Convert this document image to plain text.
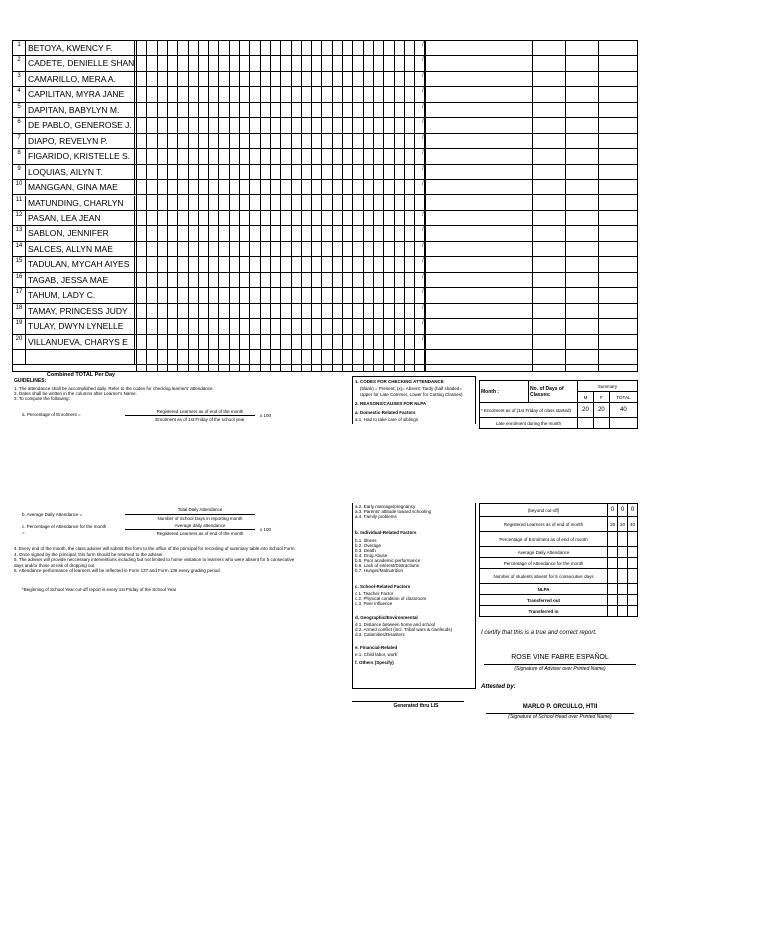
1 BETOYA, KWENCY F.	/
2 CADETE, DENIELLE SHAN	/
3 CAMARILLO, MERA A.	/
4 CAPILITAN, MYRA JANE	/
5 DAPITAN, BABYLYN M.	/
6 DE PABLO, GENEROSE J.	/
7 DIAPO, REVELYN P.	/
8 FIGARIDO, KRISTELLE S.	/
9 LOQUIAS, AILYN T.	/
10 MANGGAN, GINA MAE	/
11 MATUNDING, CHARLYN
12 PASAN, LEA JEAN	/
13 SABLON, JENNIFER	/
14 SALCES, ALLYN MAE	/
15 TADULAN, MYCAH AIYES	/
16 TAGAB, JESSA MAE	/
17 TAHUM, LADY C.	/
18 TAMAY, PRINCESS JUDY	/
19 TULAY, DWYN LYNELLE	/
20 VILLANUEVA, CHARYS E	/
Combined TOTAL Per Day
GUIDELINES:
1. The attendance shall be accomplished daily. Refer to the codes for checking learners' attendance.
2. Dates shall be written in the columns after Learner's Name.
3. To compute the following:
a. Percentage of Enrolment =
Registered Learners as of end of the month
Enrolment as of 1st Friday of the school year
x 100
b. Average Daily Attendance =
Total Daily Attendance
Number of School Days in reporting month
c. Percentage of Attendance for the month
=
Average daily attendance
Registered Learners as of end of the month
x 100
4. Every end of the month, the class adviser will submit this form to the office of the principal for recording of summary table into School Form 4. Once signed by the principal, this form should be returned to the adviser.
5. The adviser will provide neccessary interventions including but not limited to home visitation to learners who were absent for 5 consecutive days and/or those at risk of dropping out.
6. Attendance performance of learners will be reflected in Form 137 and Form 138 every grading period.
*Beginning of School Year cut-off report is every 1st Friday of the School Year
1. CODES FOR CHECKING ATTENDANCE
(blank) = Present; (x)= Absent; Tardy (half shaded= Upper for Late Commer, Lower for Cutting Classes)
2. REASONS/CAUSES FOR NLPA
a. Domestic-Related Factors
a.1. Had to take care of siblings
a.2. Early marriage/pregnancy
a.3. Parents' attitude toward schooling
a.4. Family problems
b. Individual-Related Factors
b.1. Illness
b.2. Overage
b.3. Death
b.4. Drug Abuse
b.5. Poor academic performance
b.6. Lack of interest/Distractions
b.7. Hunger/Malnutrition
c. School-Related Factors
c.1. Teacher Factor
c.2. Physical condition of classroom
c.3. Peer influence
d. Geographic/Environmental
d.1. Distance between home and school
d.2. Armed conflict (incl. Tribal wars & clanfeuds)
d.3. Calamities/Disasters
e. Financial-Related
e.1. Child labor, work
f. Others (Specify)
Generated thru LIS
Month :	No. of Days of Classes:	Summary		
		M	F	TOTAL
* Enrolment as of (1st Friday of class started)		20	20	40
Late enrolment during the month				
(beyond cut-off)	0	0	0
Registered Learners as of end of month	20	20	40
Percentage of Enrolment as of end of month			
Average Daily Attendance			
Percentage of Attendance for the month			
Number of students absent for 5 consecutive days			
NLPA			
Transferred out			
Transferred in			
I certify that this is a true and correct report.
ROSE VINE FABRE ESPAÑOL
(Signature of Adviser over Printed Name)
Attested by:
MARLO P. ORCULLO, HTII
(Signature of School Head over Printed Name)
